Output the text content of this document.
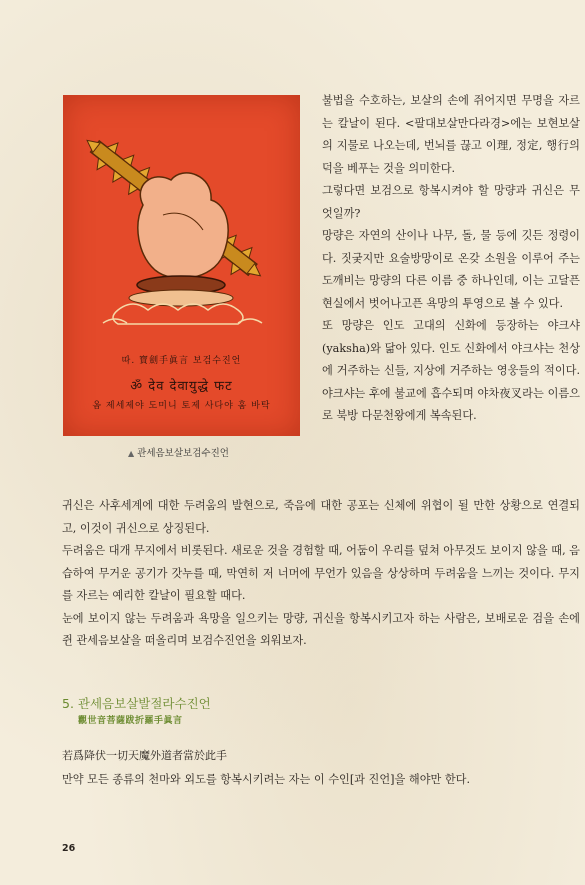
따. 寶劍手眞言 보검수진언
ॐ देव देवायुद्धे फट
옴 제세제야 도미니 토제 사다야 훔 바탁
▲ 관세음보살보검수진언

불법을 수호하는, 보살의 손에 쥐어지면 무명을 자르는 칼날이 된다. <팔대보살만다라경>에는 보현보살의 지물로 나오는데, 번뇌를 끊고 이理, 정定, 행行의 덕을 베푸는 것을 의미한다.

그렇다면 보검으로 항복시켜야 할 망량과 귀신은 무엇일까?

망량은 자연의 산이나 나무, 돌, 물 등에 깃든 정령이다. 짓궂지만 요술방망이로 온갖 소원을 이루어 주는 도깨비는 망량의 다른 이름 중 하나인데, 이는 고달픈 현실에서 벗어나고픈 욕망의 투영으로 볼 수 있다.

또 망량은 인도 고대의 신화에 등장하는 야크샤(yaksha)와 닮아 있다. 인도 신화에서 야크샤는 천상에 거주하는 신들, 지상에 거주하는 영웅들의 적이다. 야크샤는 후에 불교에 흡수되며 야차夜叉라는 이름으로 북방 다문천왕에게 복속된다.

귀신은 사후세계에 대한 두려움의 발현으로, 죽음에 대한 공포는 신체에 위협이 될 만한 상황으로 연결되고, 이것이 귀신으로 상징된다.

두려움은 대개 무지에서 비롯된다. 새로운 것을 경험할 때, 어둠이 우리를 덮쳐 아무것도 보이지 않을 때, 음습하여 무거운 공기가 갓누를 때, 막연히 저 너머에 무언가 있음을 상상하며 두려움을 느끼는 것이다. 무지를 자르는 예리한 칼날이 필요할 때다.

눈에 보이지 않는 두려움과 욕망을 일으키는 망량, 귀신을 항복시키고자 하는 사람은, 보배로운 검을 손에 쥔 관세음보살을 떠올리며 보검수진언을 외워보자.

5. 관세음보살발절라수진언
觀世音菩薩跋折羅手眞言
若爲降伏一切天魔外道者當於此手
만약 모든 종류의 천마와 외도를 항복시키려는 자는 이 수인[과 진언]을 해야만 한다.
26
